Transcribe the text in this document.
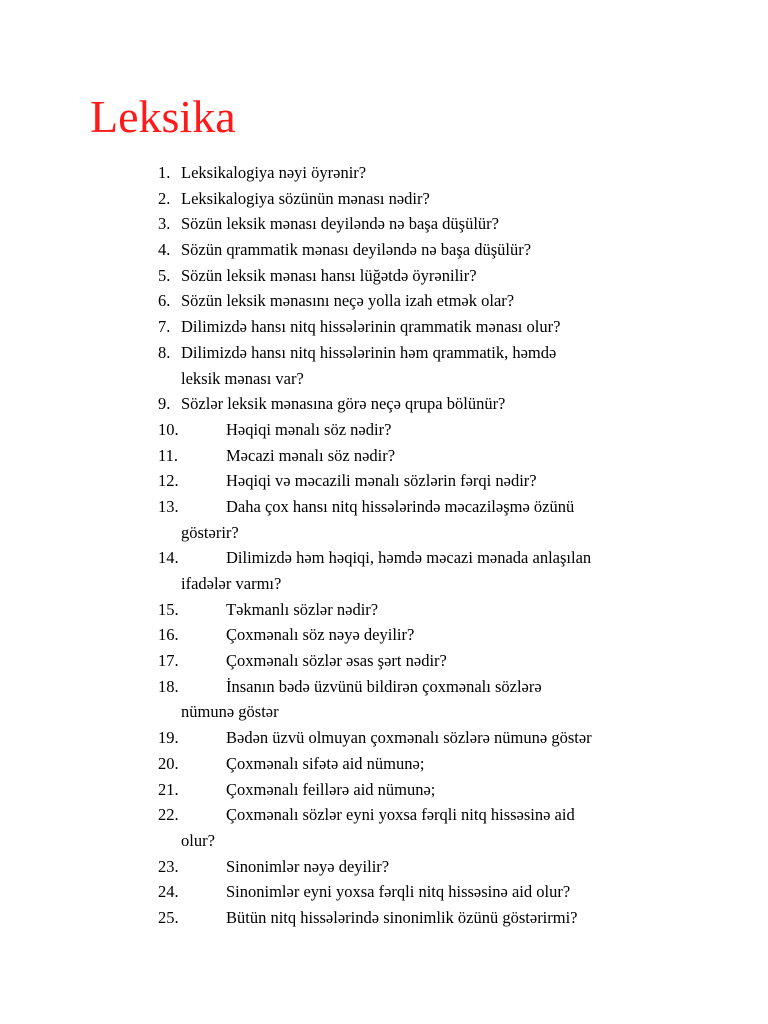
Leksika
1. Leksikalogiya nəyi öyrənir?
2. Leksikalogiya sözünün mənası nədir?
3. Sözün leksik mənası deyiləndə nə başa düşülür?
4. Sözün qrammatik mənası deyiləndə nə başa düşülür?
5. Sözün leksik mənası hansı lüğətdə öyrənilir?
6. Sözün leksik mənasını neçə yolla izah etmək olar?
7. Dilimizdə hansı nitq hissələrinin qrammatik mənası olur?
8. Dilimizdə hansı nitq hissələrinin həm qrammatik, həmdə
leksik mənası var?
9. Sözlər leksik mənasına görə neçə qrupa bölünür?
10.	Həqiqi mənalı söz nədir?
11.	Məcazi mənalı söz nədir?
12.	Həqiqi və məcazili mənalı sözlərin fərqi nədir?
13.	Daha çox hansı nitq hissələrində məcaziləşmə özünü
göstərir?
14.	Dilimizdə həm həqiqi, həmdə məcazi mənada anlaşılan
ifadələr varmı?
15.	Təkmanlı sözlər nədir?
16.	Çoxmənalı söz nəyə deyilir?
17.	Çoxmənalı sözlər əsas şərt nədir?
18.	İnsanın bədə üzvünü bildirən çoxmənalı sözlərə
nümunə göstər
19.	Bədən üzvü olmuyan çoxmənalı sözlərə nümunə göstər
20.	Çoxmənalı sifətə aid nümunə;
21.	Çoxmənalı feillərə aid nümunə;
22.	Çoxmənalı sözlər eyni yoxsa fərqli nitq hissəsinə aid
olur?
23.	Sinonimlər nəyə deyilir?
24.	Sinonimlər eyni yoxsa fərqli nitq hissəsinə aid olur?
25.	Bütün nitq hissələrində sinonimlik özünü göstərirmi?
